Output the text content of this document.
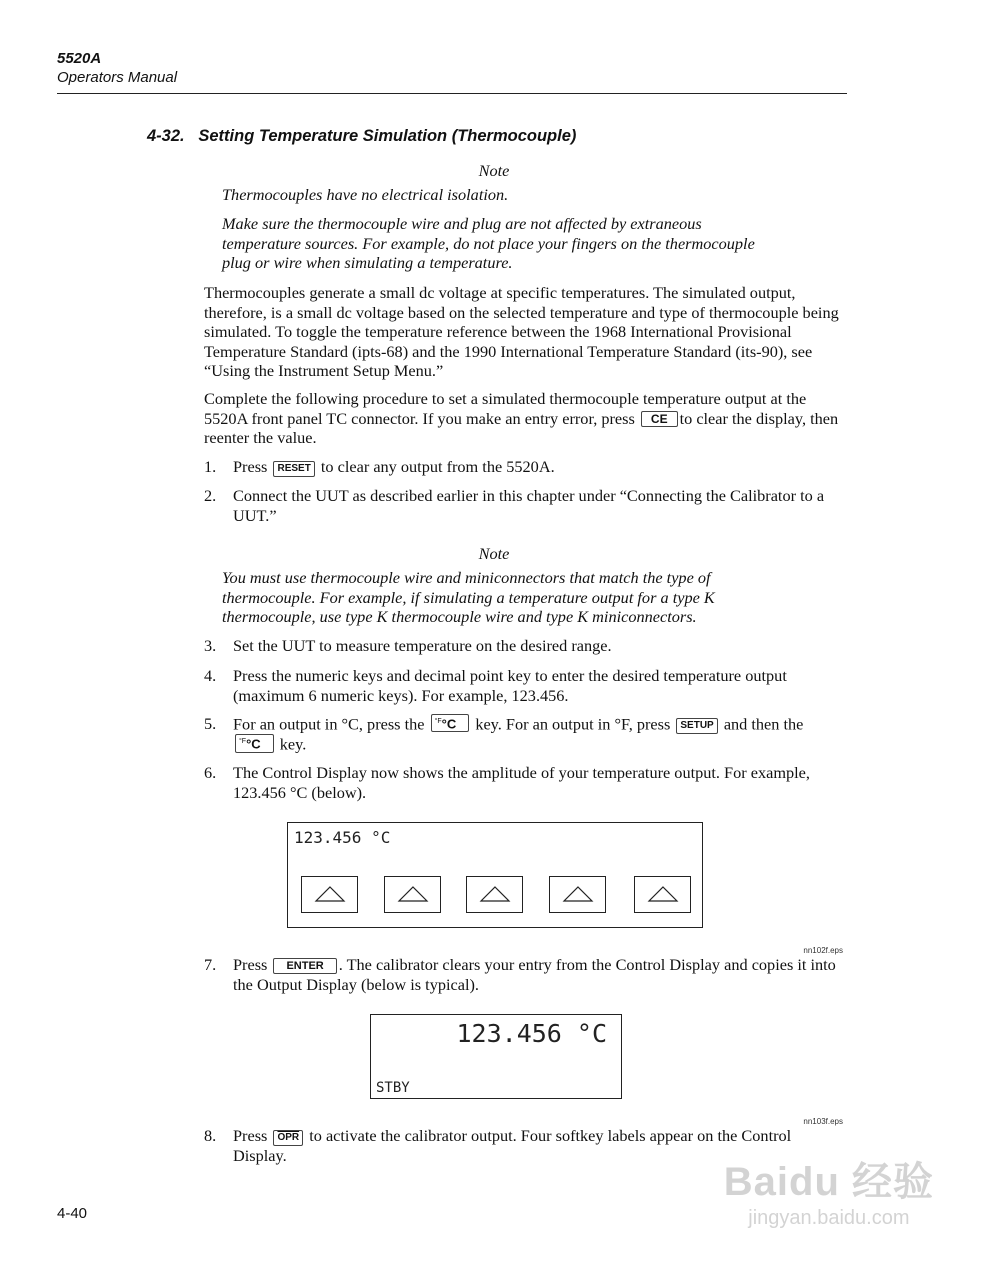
5520A
Operators Manual
4-32.   Setting Temperature Simulation (Thermocouple)
Note
Thermocouples have no electrical isolation.
Make sure the thermocouple wire and plug are not affected by extraneous temperature sources. For example, do not place your fingers on the thermocouple plug or wire when simulating a temperature.
Thermocouples generate a small dc voltage at specific temperatures. The simulated output, therefore, is a small dc voltage based on the selected temperature and type of thermocouple being simulated. To toggle the temperature reference between the 1968 International Provisional Temperature Standard (ipts-68) and the 1990 International Temperature Standard (its-90), see “Using the Instrument Setup Menu.”
Complete the following procedure to set a simulated thermocouple temperature output at the 5520A front panel TC connector. If you make an entry error, press CE to clear the display, then reenter the value.
1. Press RESET to clear any output from the 5520A.
2. Connect the UUT as described earlier in this chapter under “Connecting the Calibrator to a UUT.”
Note
You must use thermocouple wire and miniconnectors that match the type of thermocouple. For example, if simulating a temperature output for a type K thermocouple, use type K thermocouple wire and type K miniconnectors.
3. Set the UUT to measure temperature on the desired range.
4. Press the numeric keys and decimal point key to enter the desired temperature output (maximum 6 numeric keys). For example, 123.456.
5. For an output in °C, press the $^{^\circ F}$°C key. For an output in °F, press SETUP and then the $^{^\circ F}$°C key.
6. The Control Display now shows the amplitude of your temperature output. For example, 123.456 °C (below).
123.456 °C
nn102f.eps
7. Press ENTER . The calibrator clears your entry from the Control Display and copies it into the Output Display (below is typical).
123.456 °C
STBY
nn103f.eps
8. Press $\overline{OPR}$ to activate the calibrator output. Four softkey labels appear on the Control Display.
4-40
Baidu 经验
jingyan.baidu.com
